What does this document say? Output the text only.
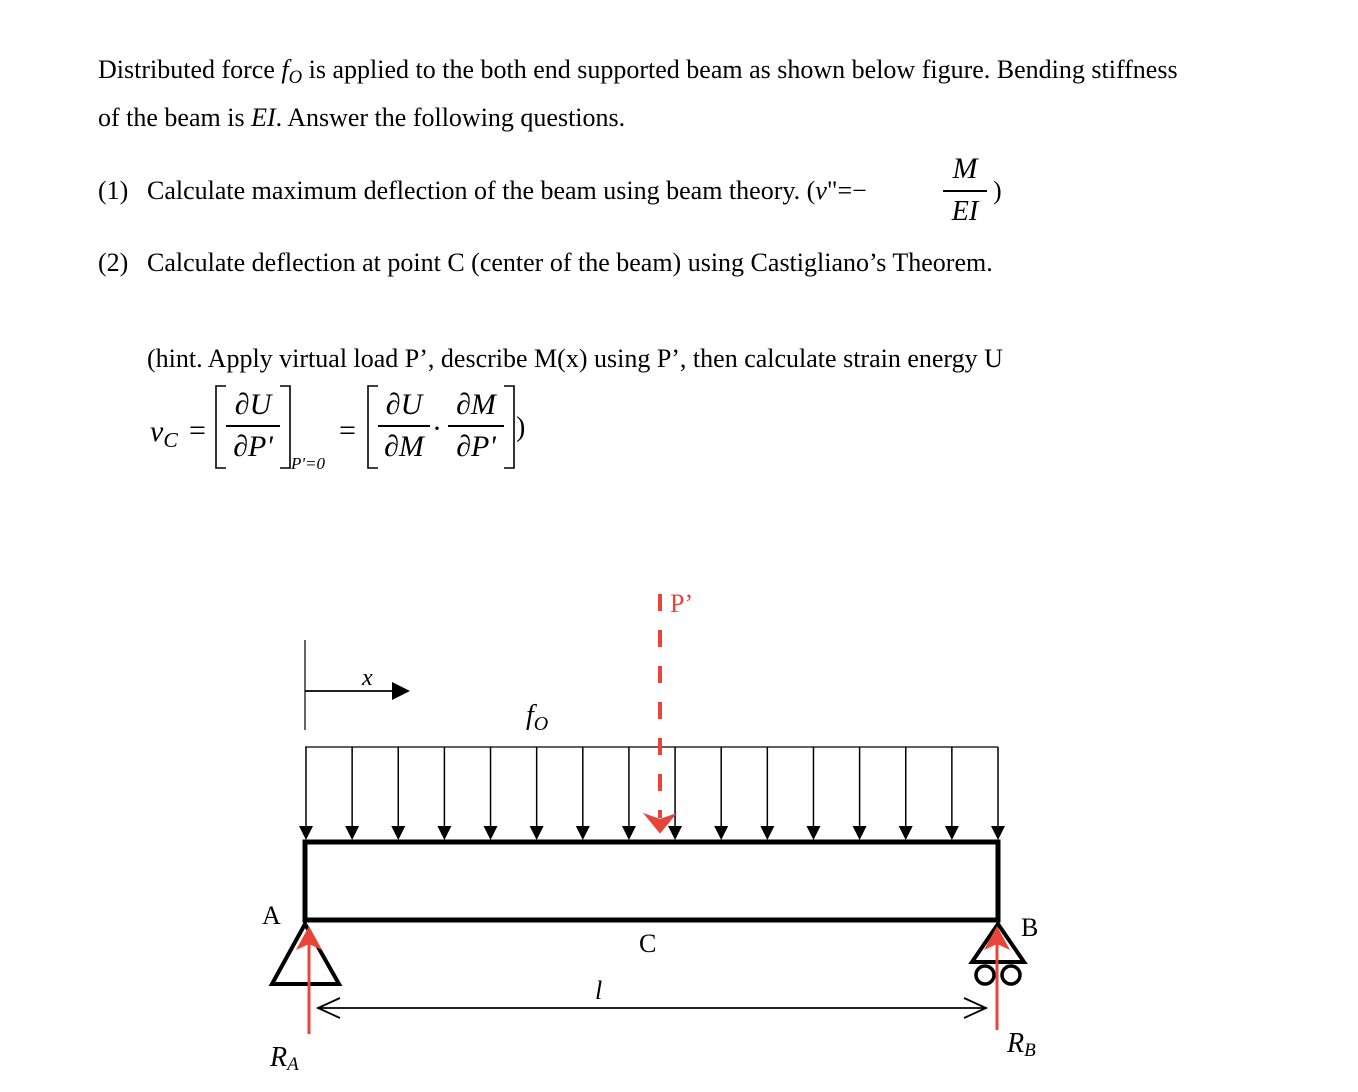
Distributed force $f_O$ is applied to the both end supported beam as shown below figure. Bending stiffness
of the beam is EI. Answer the following questions.
(1) Calculate maximum deflection of the beam using beam theory. (v"=−
M
EI
)
(2) Calculate deflection at point C (center of the beam) using Castigliano’s Theorem.
(hint. Apply virtual load P’, describe M(x) using P’, then calculate strain energy U
$v_C$ =
∂U
∂P'
P'=0
=
∂U
∂M
·
∂M
∂P'
)
x
$f_O$
P’
A	B
C
l
RA
RB
